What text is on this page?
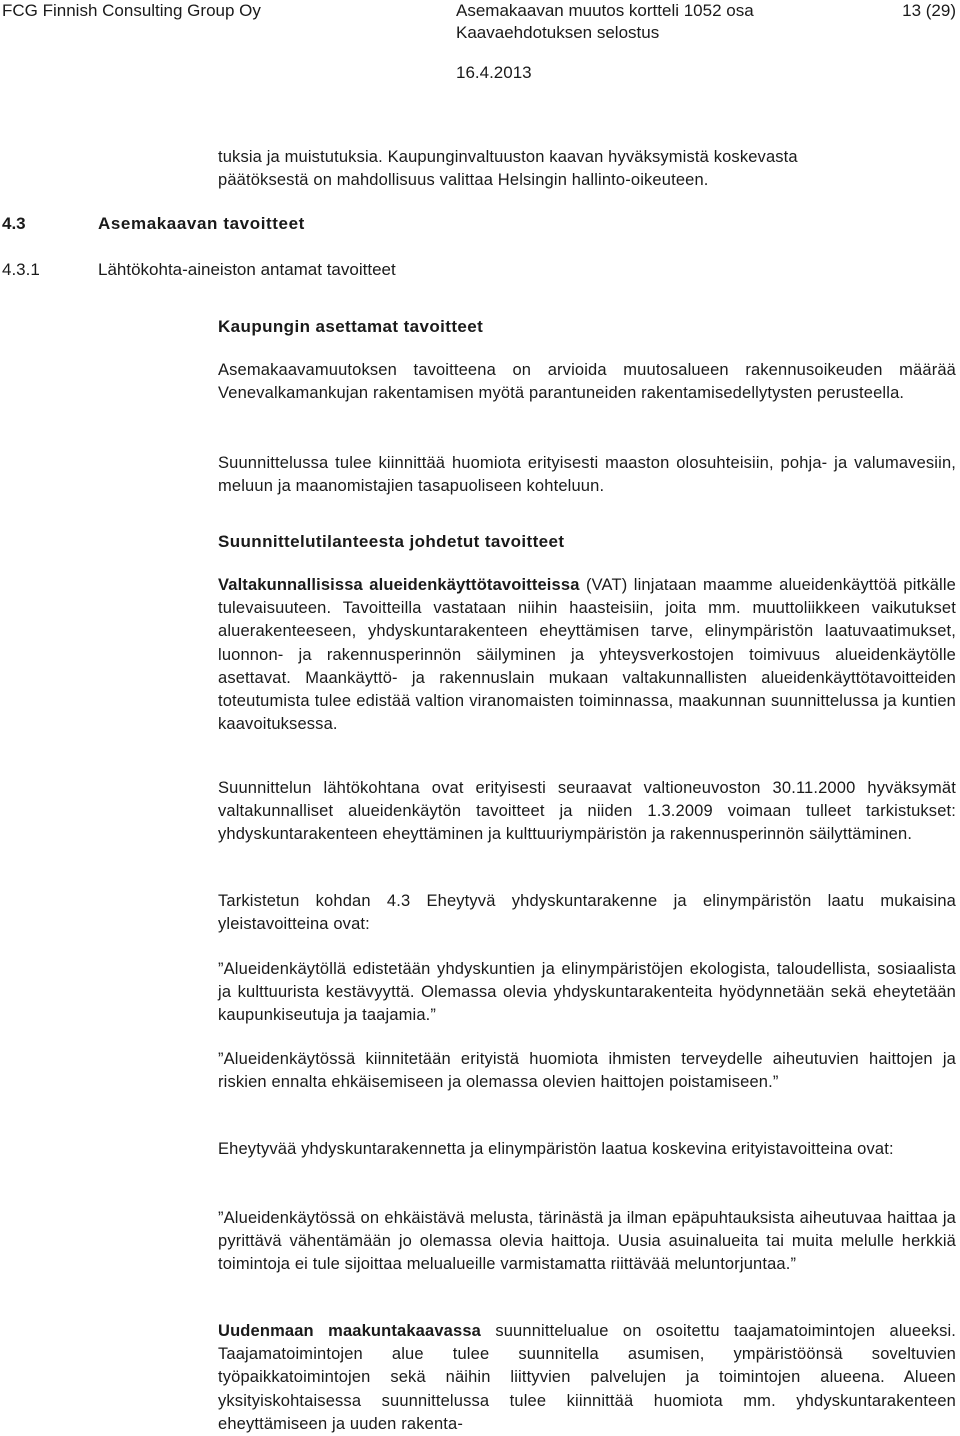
FCG Finnish Consulting Group Oy	Asemakaavan muutos kortteli 1052 osa	13 (29)
Kaavaehdotuksen selostus
16.4.2013
tuksia ja muistutuksia. Kaupunginvaltuuston kaavan hyväksymistä koskevasta
päätöksestä on mahdollisuus valittaa Helsingin hallinto-oikeuteen.
4.3	Asemakaavan tavoitteet
4.3.1	Lähtökohta-aineiston antamat tavoitteet
Kaupungin asettamat tavoitteet
Asemakaavamuutoksen tavoitteena on arvioida muutosalueen rakennusoikeuden määrää Venevalkamankujan rakentamisen myötä parantuneiden rakentamisedellytysten perusteella.
Suunnittelussa tulee kiinnittää huomiota erityisesti maaston olosuhteisiin, pohja- ja valumavesiin, meluun ja maanomistajien tasapuoliseen kohteluun.
Suunnittelutilanteesta johdetut tavoitteet
Valtakunnallisissa alueidenkäyttötavoitteissa (VAT) linjataan maamme alueidenkäyttöä pitkälle tulevaisuuteen. Tavoitteilla vastataan niihin haasteisiin, joita mm. muuttoliikkeen vaikutukset aluerakenteeseen, yhdyskuntarakenteen eheyttämisen tarve, elinympäristön laatuvaatimukset, luonnon- ja rakennusperinnön säilyminen ja yhteysverkostojen toimivuus alueidenkäytölle asettavat. Maankäyttö- ja rakennuslain mukaan valtakunnallisten alueidenkäyttötavoitteiden toteutumista tulee edistää valtion viranomaisten toiminnassa, maakunnan suunnittelussa ja kuntien kaavoituksessa.
Suunnittelun lähtökohtana ovat erityisesti seuraavat valtioneuvoston 30.11.2000 hyväksymät valtakunnalliset alueidenkäytön tavoitteet ja niiden 1.3.2009 voimaan tulleet tarkistukset: yhdyskuntarakenteen eheyttäminen ja kulttuuriympäristön ja rakennusperinnön säilyttäminen.
Tarkistetun kohdan 4.3 Eheytyvä yhdyskuntarakenne ja elinympäristön laatu mukaisina yleistavoitteina ovat:
”Alueidenkäytöllä edistetään yhdyskuntien ja elinympäristöjen ekologista, taloudellista, sosiaalista ja kulttuurista kestävyyttä. Olemassa olevia yhdyskuntarakenteita hyödynnetään sekä eheytetään kaupunkiseutuja ja taajamia.”
”Alueidenkäytössä kiinnitetään erityistä huomiota ihmisten terveydelle aiheutuvien haittojen ja riskien ennalta ehkäisemiseen ja olemassa olevien haittojen poistamiseen.”
Eheytyvää yhdyskuntarakennetta ja elinympäristön laatua koskevina erityistavoitteina ovat:
”Alueidenkäytössä on ehkäistävä melusta, tärinästä ja ilman epäpuhtauksista aiheutuvaa haittaa ja pyrittävä vähentämään jo olemassa olevia haittoja. Uusia asuinalueita tai muita melulle herkkiä toimintoja ei tule sijoittaa melualueille varmistamatta riittävää meluntorjuntaa.”
Uudenmaan maakuntakaavassa suunnittelualue on osoitettu taajamatoimintojen alueeksi. Taajamatoimintojen alue tulee suunnitella asumisen, ympäristöönsä soveltuvien työpaikkatoimintojen sekä näihin liittyvien palvelujen ja toimintojen alueena. Alueen yksityiskohtaisessa suunnittelussa tulee kiinnittää huomiota mm. yhdyskuntarakenteen eheyttämiseen ja uuden rakenta-
